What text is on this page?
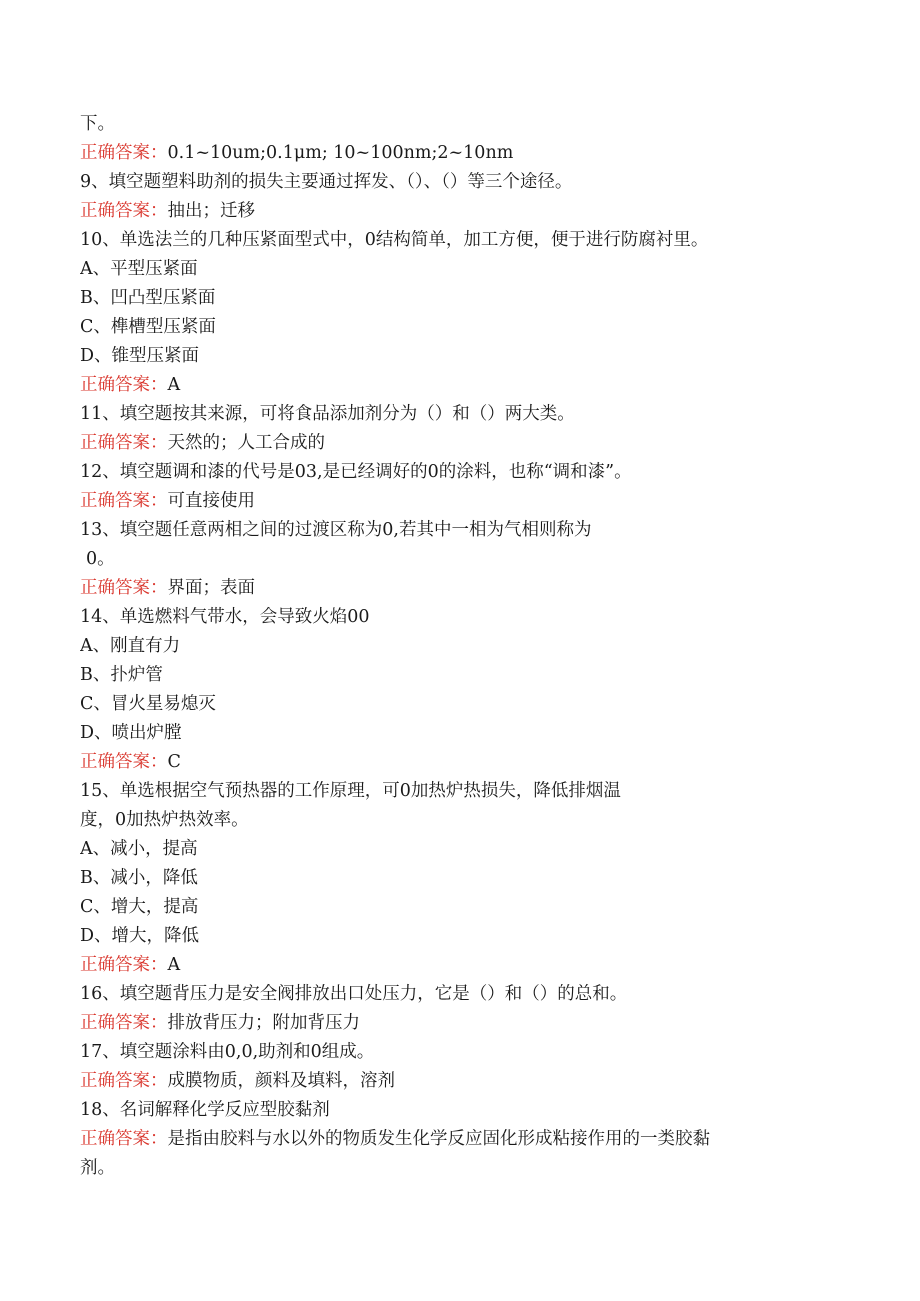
下。
正确答案：0.1~10um;0.1μm; 10~100nm;2~10nm
9、填空题塑料助剂的损失主要通过挥发、（）、（）等三个途径。
正确答案：抽出；迁移
10、单选法兰的几种压紧面型式中，0结构简单，加工方便，便于进行防腐衬里。
A、平型压紧面
B、凹凸型压紧面
C、榫槽型压紧面
D、锥型压紧面
正确答案：A
11、填空题按其来源，可将食品添加剂分为（）和（）两大类。
正确答案：天然的；人工合成的
12、填空题调和漆的代号是03,是已经调好的0的涂料，也称“调和漆”。
正确答案：可直接使用
13、填空题任意两相之间的过渡区称为0,若其中一相为气相则称为
0。
正确答案：界面；表面
14、单选燃料气带水，会导致火焰00
A、刚直有力
B、扑炉管
C、冒火星易熄灭
D、喷出炉膛
正确答案：C
15、单选根据空气预热器的工作原理，可0加热炉热损失，降低排烟温
度，0加热炉热效率。
A、减小，提高
B、减小，降低
C、增大，提高
D、增大，降低
正确答案：A
16、填空题背压力是安全阀排放出口处压力，它是（）和（）的总和。
正确答案：排放背压力；附加背压力
17、填空题涂料由0,0,助剂和0组成。
正确答案：成膜物质，颜料及填料，溶剂
18、名词解释化学反应型胶黏剂
正确答案：是指由胶料与水以外的物质发生化学反应固化形成粘接作用的一类胶黏
剂。
